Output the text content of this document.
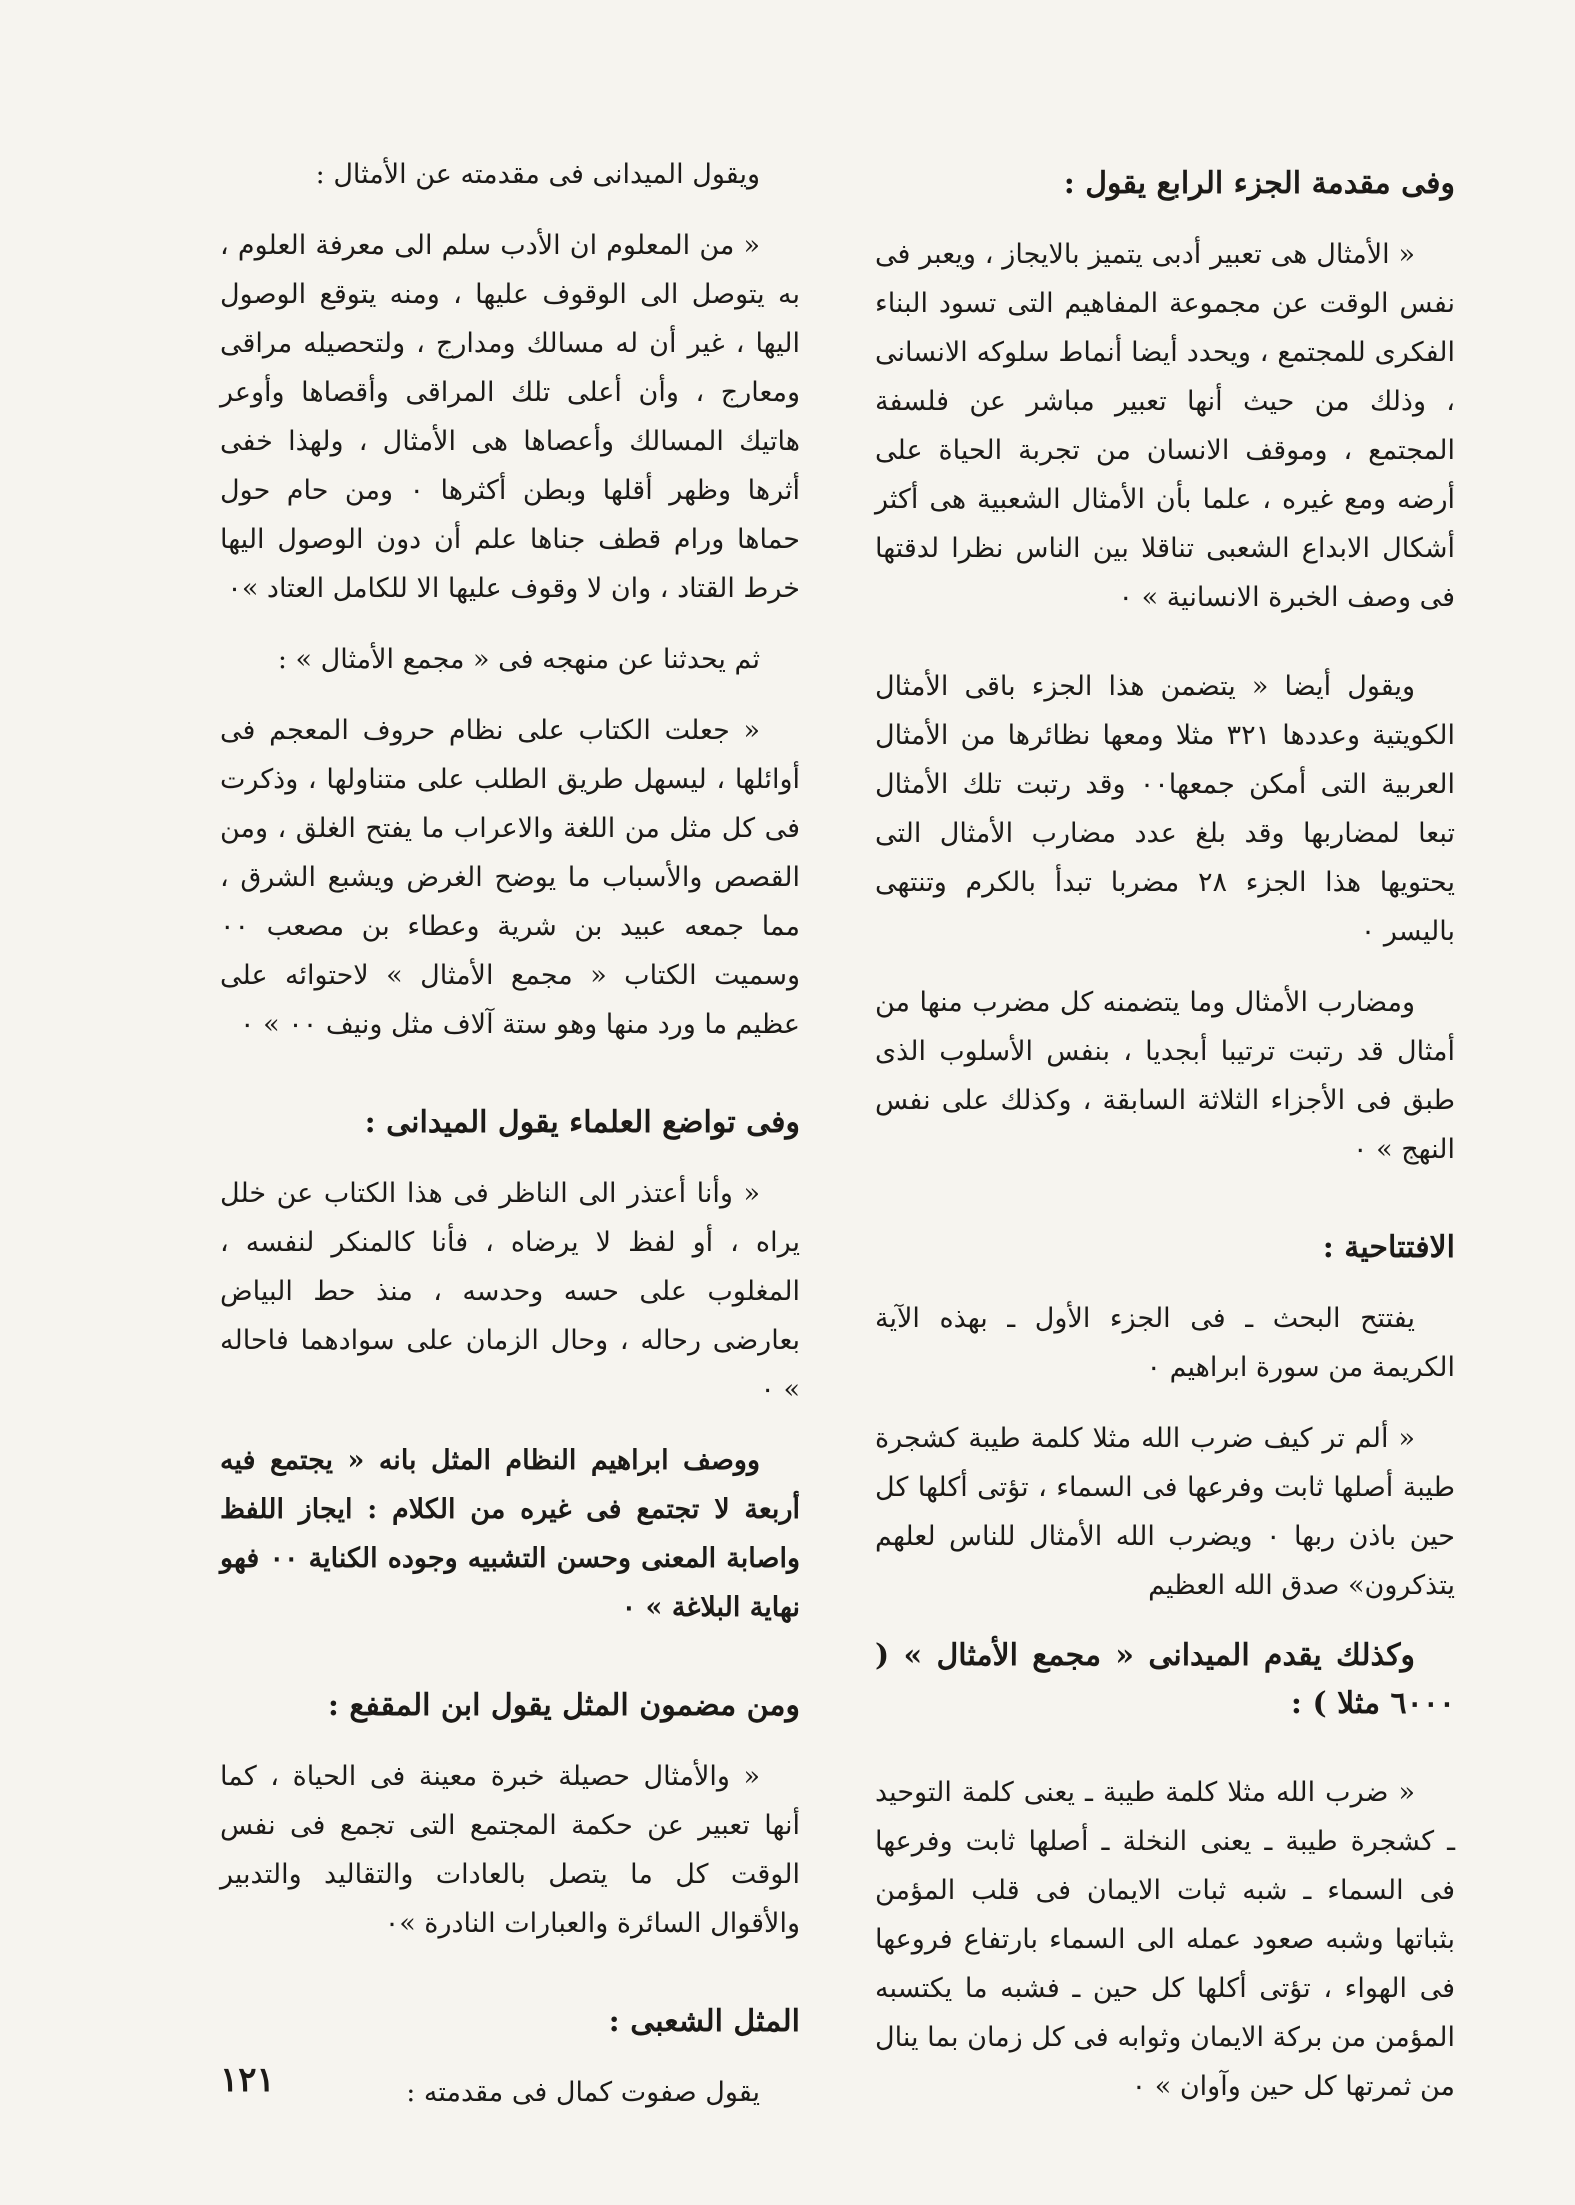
وفى مقدمة الجزء الرابع يقول :

« الأمثال هى تعبير أدبى يتميز بالايجاز ، ويعبر فى نفس الوقت عن مجموعة المفاهيم التى تسود البناء الفكرى للمجتمع ، ويحدد أيضا أنماط سلوكه الانسانى ، وذلك من حيث أنها تعبير مباشر عن فلسفة المجتمع ، وموقف الانسان من تجربة الحياة على أرضه ومع غيره ، علما بأن الأمثال الشعبية هى أكثر أشكال الابداع الشعبى تناقلا بين الناس نظرا لدقتها فى وصف الخبرة الانسانية » ٠

ويقول أيضا « يتضمن هذا الجزء باقى الأمثال الكويتية وعددها ٣٢١ مثلا ومعها نظائرها من الأمثال العربية التى أمكن جمعها٠٠ وقد رتبت تلك الأمثال تبعا لمضاربها وقد بلغ عدد مضارب الأمثال التى يحتويها هذا الجزء ٢٨ مضربا تبدأ بالكرم وتنتهى باليسر ٠

ومضارب الأمثال وما يتضمنه كل مضرب منها من أمثال قد رتبت ترتيبا أبجديا ، بنفس الأسلوب الذى طبق فى الأجزاء الثلاثة السابقة ، وكذلك على نفس النهج » ٠

الافتتاحية :

يفتتح البحث ـ فى الجزء الأول ـ بهذه الآية الكريمة من سورة ابراهيم ٠

« ألم تر كيف ضرب الله مثلا كلمة طيبة كشجرة طيبة أصلها ثابت وفرعها فى السماء ، تؤتى أكلها كل حين باذن ربها ٠ ويضرب الله الأمثال للناس لعلهم يتذكرون» صدق الله العظيم

وكذلك يقدم الميدانى « مجمع الأمثال » ( ٦٠٠٠ مثلا ) :

« ضرب الله مثلا كلمة طيبة ـ يعنى كلمة التوحيد ـ كشجرة طيبة ـ يعنى النخلة ـ أصلها ثابت وفرعها فى السماء ـ شبه ثبات الايمان فى قلب المؤمن بثباتها وشبه صعود عمله الى السماء بارتفاع فروعها فى الهواء ، تؤتى أكلها كل حين ـ فشبه ما يكتسبه المؤمن من بركة الايمان وثوابه فى كل زمان بما ينال من ثمرتها كل حين وآوان » ٠

ويقول الميدانى فى مقدمته عن الأمثال :

« من المعلوم ان الأدب سلم الى معرفة العلوم ، به يتوصل الى الوقوف عليها ، ومنه يتوقع الوصول اليها ، غير أن له مسالك ومدارج ، ولتحصيله مراقى ومعارج ، وأن أعلى تلك المراقى وأقصاها وأوعر هاتيك المسالك وأعصاها هى الأمثال ، ولهذا خفى أثرها وظهر أقلها وبطن أكثرها ٠ ومن حام حول حماها ورام قطف جناها علم أن دون الوصول اليها خرط القتاد ، وان لا وقوف عليها الا للكامل العتاد »٠

ثم يحدثنا عن منهجه فى « مجمع الأمثال » :

« جعلت الكتاب على نظام حروف المعجم فى أوائلها ، ليسهل طريق الطلب على متناولها ، وذكرت فى كل مثل من اللغة والاعراب ما يفتح الغلق ، ومن القصص والأسباب ما يوضح الغرض ويشبع الشرق ، مما جمعه عبيد بن شرية وعطاء بن مصعب ٠٠ وسميت الكتاب « مجمع الأمثال » لاحتوائه على عظيم ما ورد منها وهو ستة آلاف مثل ونيف ٠٠ » ٠

وفى تواضع العلماء يقول الميدانى :

« وأنا أعتذر الى الناظر فى هذا الكتاب عن خلل يراه ، أو لفظ لا يرضاه ، فأنا كالمنكر لنفسه ، المغلوب على حسه وحدسه ، منذ حط البياض بعارضى رحاله ، وحال الزمان على سوادهما فاحاله » ٠

ووصف ابراهيم النظام المثل بانه « يجتمع فيه أربعة لا تجتمع فى غيره من الكلام : ايجاز اللفظ واصابة المعنى وحسن التشبيه وجوده الكناية ٠٠ فهو نهاية البلاغة » ٠

ومن مضمون المثل يقول ابن المقفع :

« والأمثال حصيلة خبرة معينة فى الحياة ، كما أنها تعبير عن حكمة المجتمع التى تجمع فى نفس الوقت كل ما يتصل بالعادات والتقاليد والتدبير والأقوال السائرة والعبارات النادرة »٠

المثل الشعبى :

يقول صفوت كمال فى مقدمته :

١٢١
